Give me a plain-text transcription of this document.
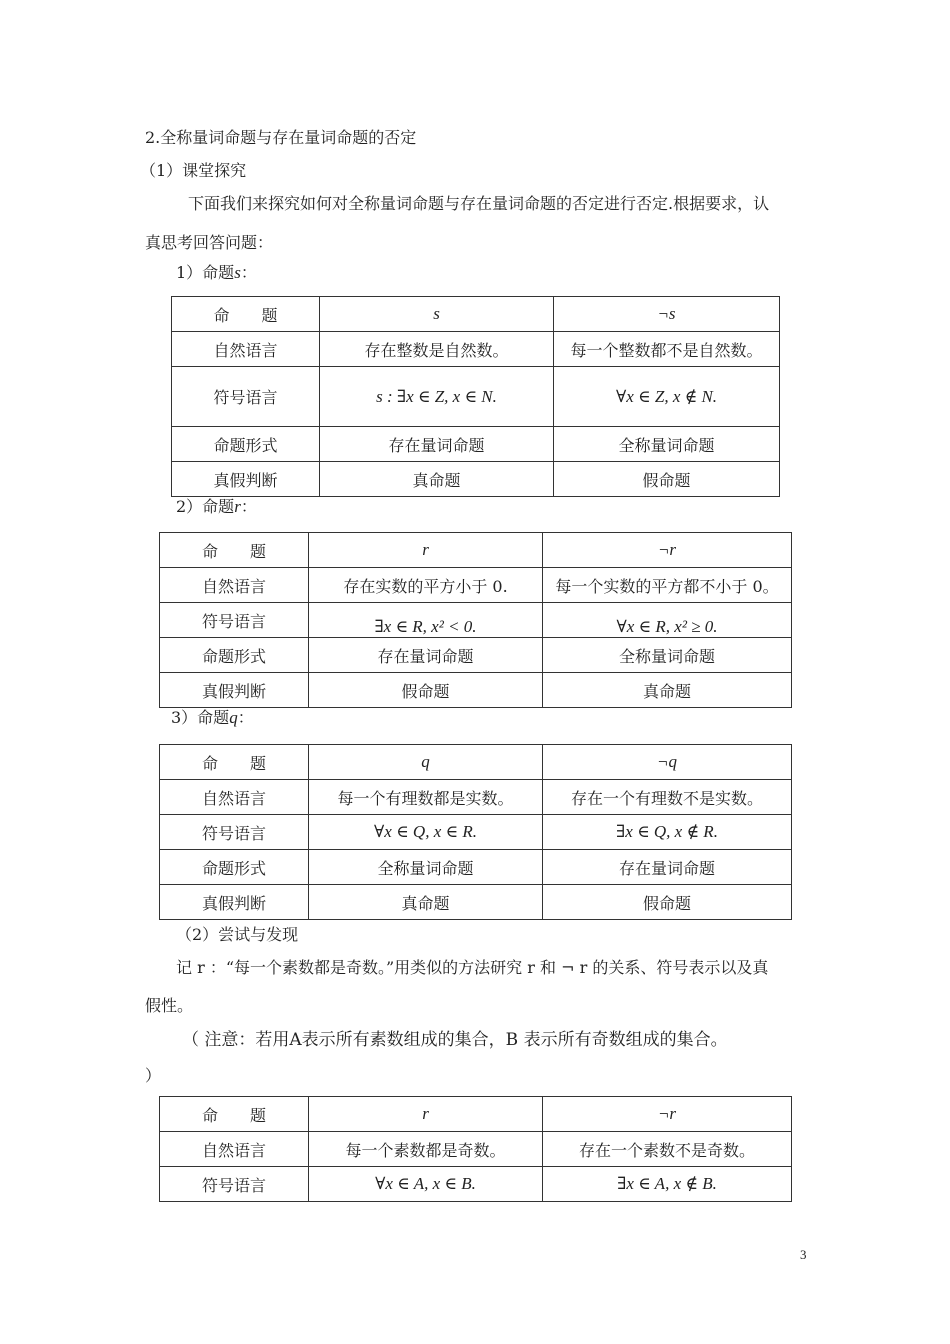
2.全称量词命题与存在量词命题的否定
（1）课堂探究
下面我们来探究如何对全称量词命题与存在量词命题的否定进行否定.根据要求，认
真思考回答问题：
1）命题s：
命　　题	s	¬s
自然语言	存在整数是自然数。	每一个整数都不是自然数。
符号语言	s : ∃x ∈ Z, x ∈ N.	∀x ∈ Z, x ∉ N.
命题形式	存在量词命题	全称量词命题
真假判断	真命题	假命题
2）命题r：
命　　题	r	¬r
自然语言	存在实数的平方小于 0.	每一个实数的平方都不小于 0。
符号语言	∃x ∈ R, x² < 0.	∀x ∈ R, x² ≥ 0.
命题形式	存在量词命题	全称量词命题
真假判断	假命题	真命题
3）命题q：
命　　题	q	¬q
自然语言	每一个有理数都是实数。	存在一个有理数不是实数。
符号语言	∀x ∈ Q, x ∈ R.	∃x ∈ Q, x ∉ R.
命题形式	全称量词命题	存在量词命题
真假判断	真命题	假命题
（2）尝试与发现
记 r ：“每一个素数都是奇数。”用类似的方法研究 r 和 ¬ r 的关系、符号表示以及真
假性。
（ 注意：若用A表示所有素数组成的集合，B 表示所有奇数组成的集合。
）
命　　题	r	¬r
自然语言	每一个素数都是奇数。	存在一个素数不是奇数。
符号语言	∀x ∈ A, x ∈ B.	∃x ∈ A, x ∉ B.
3
